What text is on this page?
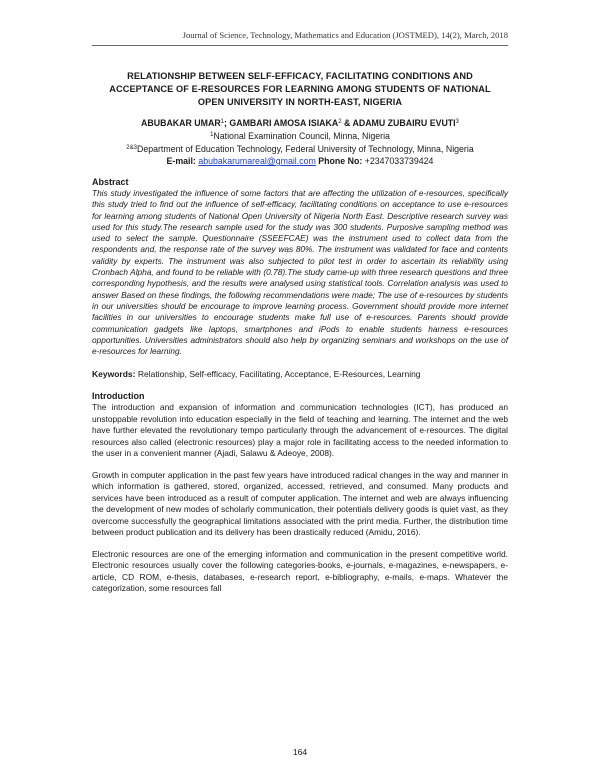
Journal of Science, Technology, Mathematics and Education (JOSTMED), 14(2), March, 2018
RELATIONSHIP BETWEEN SELF-EFFICACY, FACILITATING CONDITIONS AND ACCEPTANCE OF E-RESOURCES FOR LEARNING AMONG STUDENTS OF NATIONAL OPEN UNIVERSITY IN NORTH-EAST, NIGERIA
ABUBAKAR UMAR$^1$; GAMBARI AMOSA ISIAKA$^2$ & ADAMU ZUBAIRU EVUTI$^3$
$^1$National Examination Council, Minna, Nigeria
$^{2\&3}$Department of Education Technology, Federal University of Technology, Minna, Nigeria
E-mail: abubakarumareal@gmail.com Phone No: +2347033739424
Abstract

This study investigated the influence of some factors that are affecting the utilization of e-resources, specifically this study tried to find out the influence of self-efficacy, facilitating conditions on acceptance to use e-resources for learning among students of National Open University of Nigeria North East. Descriptive research survey was used for this study.The research sample used for the study was 300 students. Purposive sampling method was used to select the sample. Questionnaire (SSEEFCAE) was the instrument used to collect data from the respondents and, the response rate of the survey was 80%. The instrument was validated for face and contents validity by experts. The instrument was also subjected to pilot test in order to ascertain its reliability using Cronbach Alpha, and found to be reliable with (0.78).The study came-up with three research questions and three corresponding hypothesis, and the results were analysed using statistical tools. Correlation analysis was used to answer Based on these findings, the following recommendations were made; The use of e-resources by students in our universities should be encourage to improve learning process. Government should provide more internet facilities in our universities to encourage students make full use of e-resources. Parents should provide communication gadgets like laptops, smartphones and iPods to enable students harness e-resources opportunities. Universities administrators should also help by organizing seminars and workshops on the use of e-resources for learning.

Keywords: Relationship, Self-efficacy, Facilitating, Acceptance, E-Resources, Learning

Introduction

The introduction and expansion of information and communication technologies (ICT), has produced an unstoppable revolution into education especially in the field of teaching and learning. The internet and the web have further elevated the revolutionary tempo particularly through the advancement of e-resources. The digital resources also called (electronic resources) play a major role in facilitating access to the needed information to the user in a convenient manner (Ajadi, Salawu & Adeoye, 2008).

Growth in computer application in the past few years have introduced radical changes in the way and manner in which information is gathered, stored, organized, accessed, retrieved, and consumed. Many products and services have been introduced as a result of computer application. The internet and web are always influencing the development of new modes of scholarly communication, their potentials delivery goods is quiet vast, as they overcome successfully the geographical limitations associated with the print media. Further, the distribution time between product publication and its delivery has been drastically reduced (Amidu, 2016).

Electronic resources are one of the emerging information and communication in the present competitive world. Electronic resources usually cover the following categories-books, e-journals, e-magazines, e-newspapers, e-article, CD ROM, e-thesis, databases, e-research report, e-bibliography, e-mails, e-maps. Whatever the categorization, some resources fall

164
